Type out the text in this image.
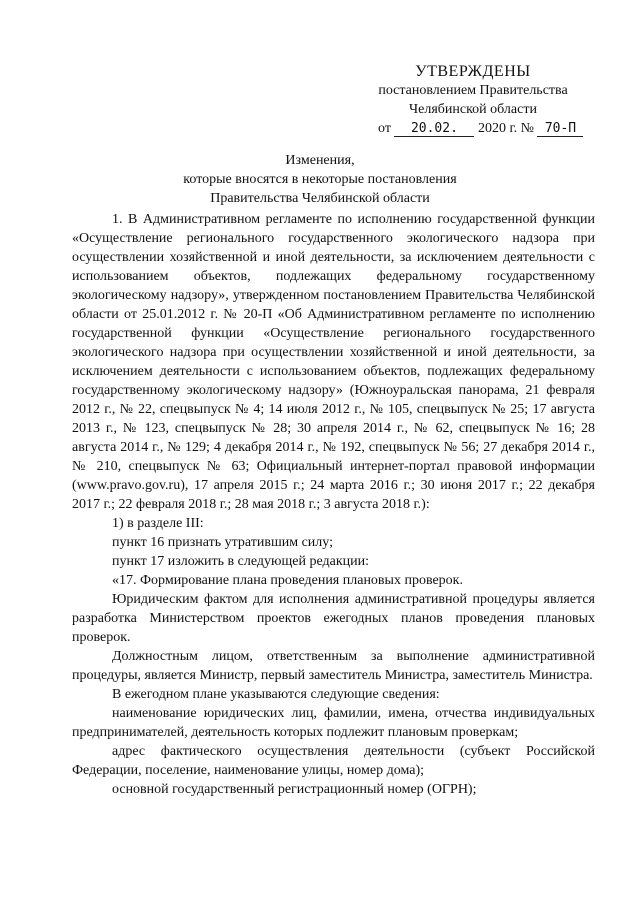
УТВЕРЖДЕНЫ
постановлением Правительства
Челябинской области
от 20.02. 2020 г. № 70-П
Изменения,
которые вносятся в некоторые постановления
Правительства Челябинской области

1. В Административном регламенте по исполнению государственной функции «Осуществление регионального государственного экологического надзора при осуществлении хозяйственной и иной деятельности, за исключением деятельности с использованием объектов, подлежащих федеральному государственному экологическому надзору», утвержденном постановлением Правительства Челябинской области от 25.01.2012 г. № 20-П «Об Административном регламенте по исполнению государственной функции «Осуществление регионального государственного экологического надзора при осуществлении хозяйственной и иной деятельности, за исключением деятельности с использованием объектов, подлежащих федеральному государственному экологическому надзору» (Южноуральская панорама, 21 февраля 2012 г., № 22, спецвыпуск № 4; 14 июля 2012 г., № 105, спецвыпуск № 25; 17 августа 2013 г., № 123, спецвыпуск № 28; 30 апреля 2014 г., № 62, спецвыпуск № 16; 28 августа 2014 г., № 129; 4 декабря 2014 г., № 192, спецвыпуск № 56; 27 декабря 2014 г., № 210, спецвыпуск № 63; Официальный интернет-портал правовой информации (www.pravo.gov.ru), 17 апреля 2015 г.; 24 марта 2016 г.; 30 июня 2017 г.; 22 декабря 2017 г.; 22 февраля 2018 г.; 28 мая 2018 г.; 3 августа 2018 г.):

1) в разделе III:

пункт 16 признать утратившим силу;

пункт 17 изложить в следующей редакции:

«17. Формирование плана проведения плановых проверок.

Юридическим фактом для исполнения административной процедуры является разработка Министерством проектов ежегодных планов проведения плановых проверок.

Должностным лицом, ответственным за выполнение административной процедуры, является Министр, первый заместитель Министра, заместитель Министра.

В ежегодном плане указываются следующие сведения:

наименование юридических лиц, фамилии, имена, отчества индивидуальных предпринимателей, деятельность которых подлежит плановым проверкам;

адрес фактического осуществления деятельности (субъект Российской Федерации, поселение, наименование улицы, номер дома);

основной государственный регистрационный номер (ОГРН);
